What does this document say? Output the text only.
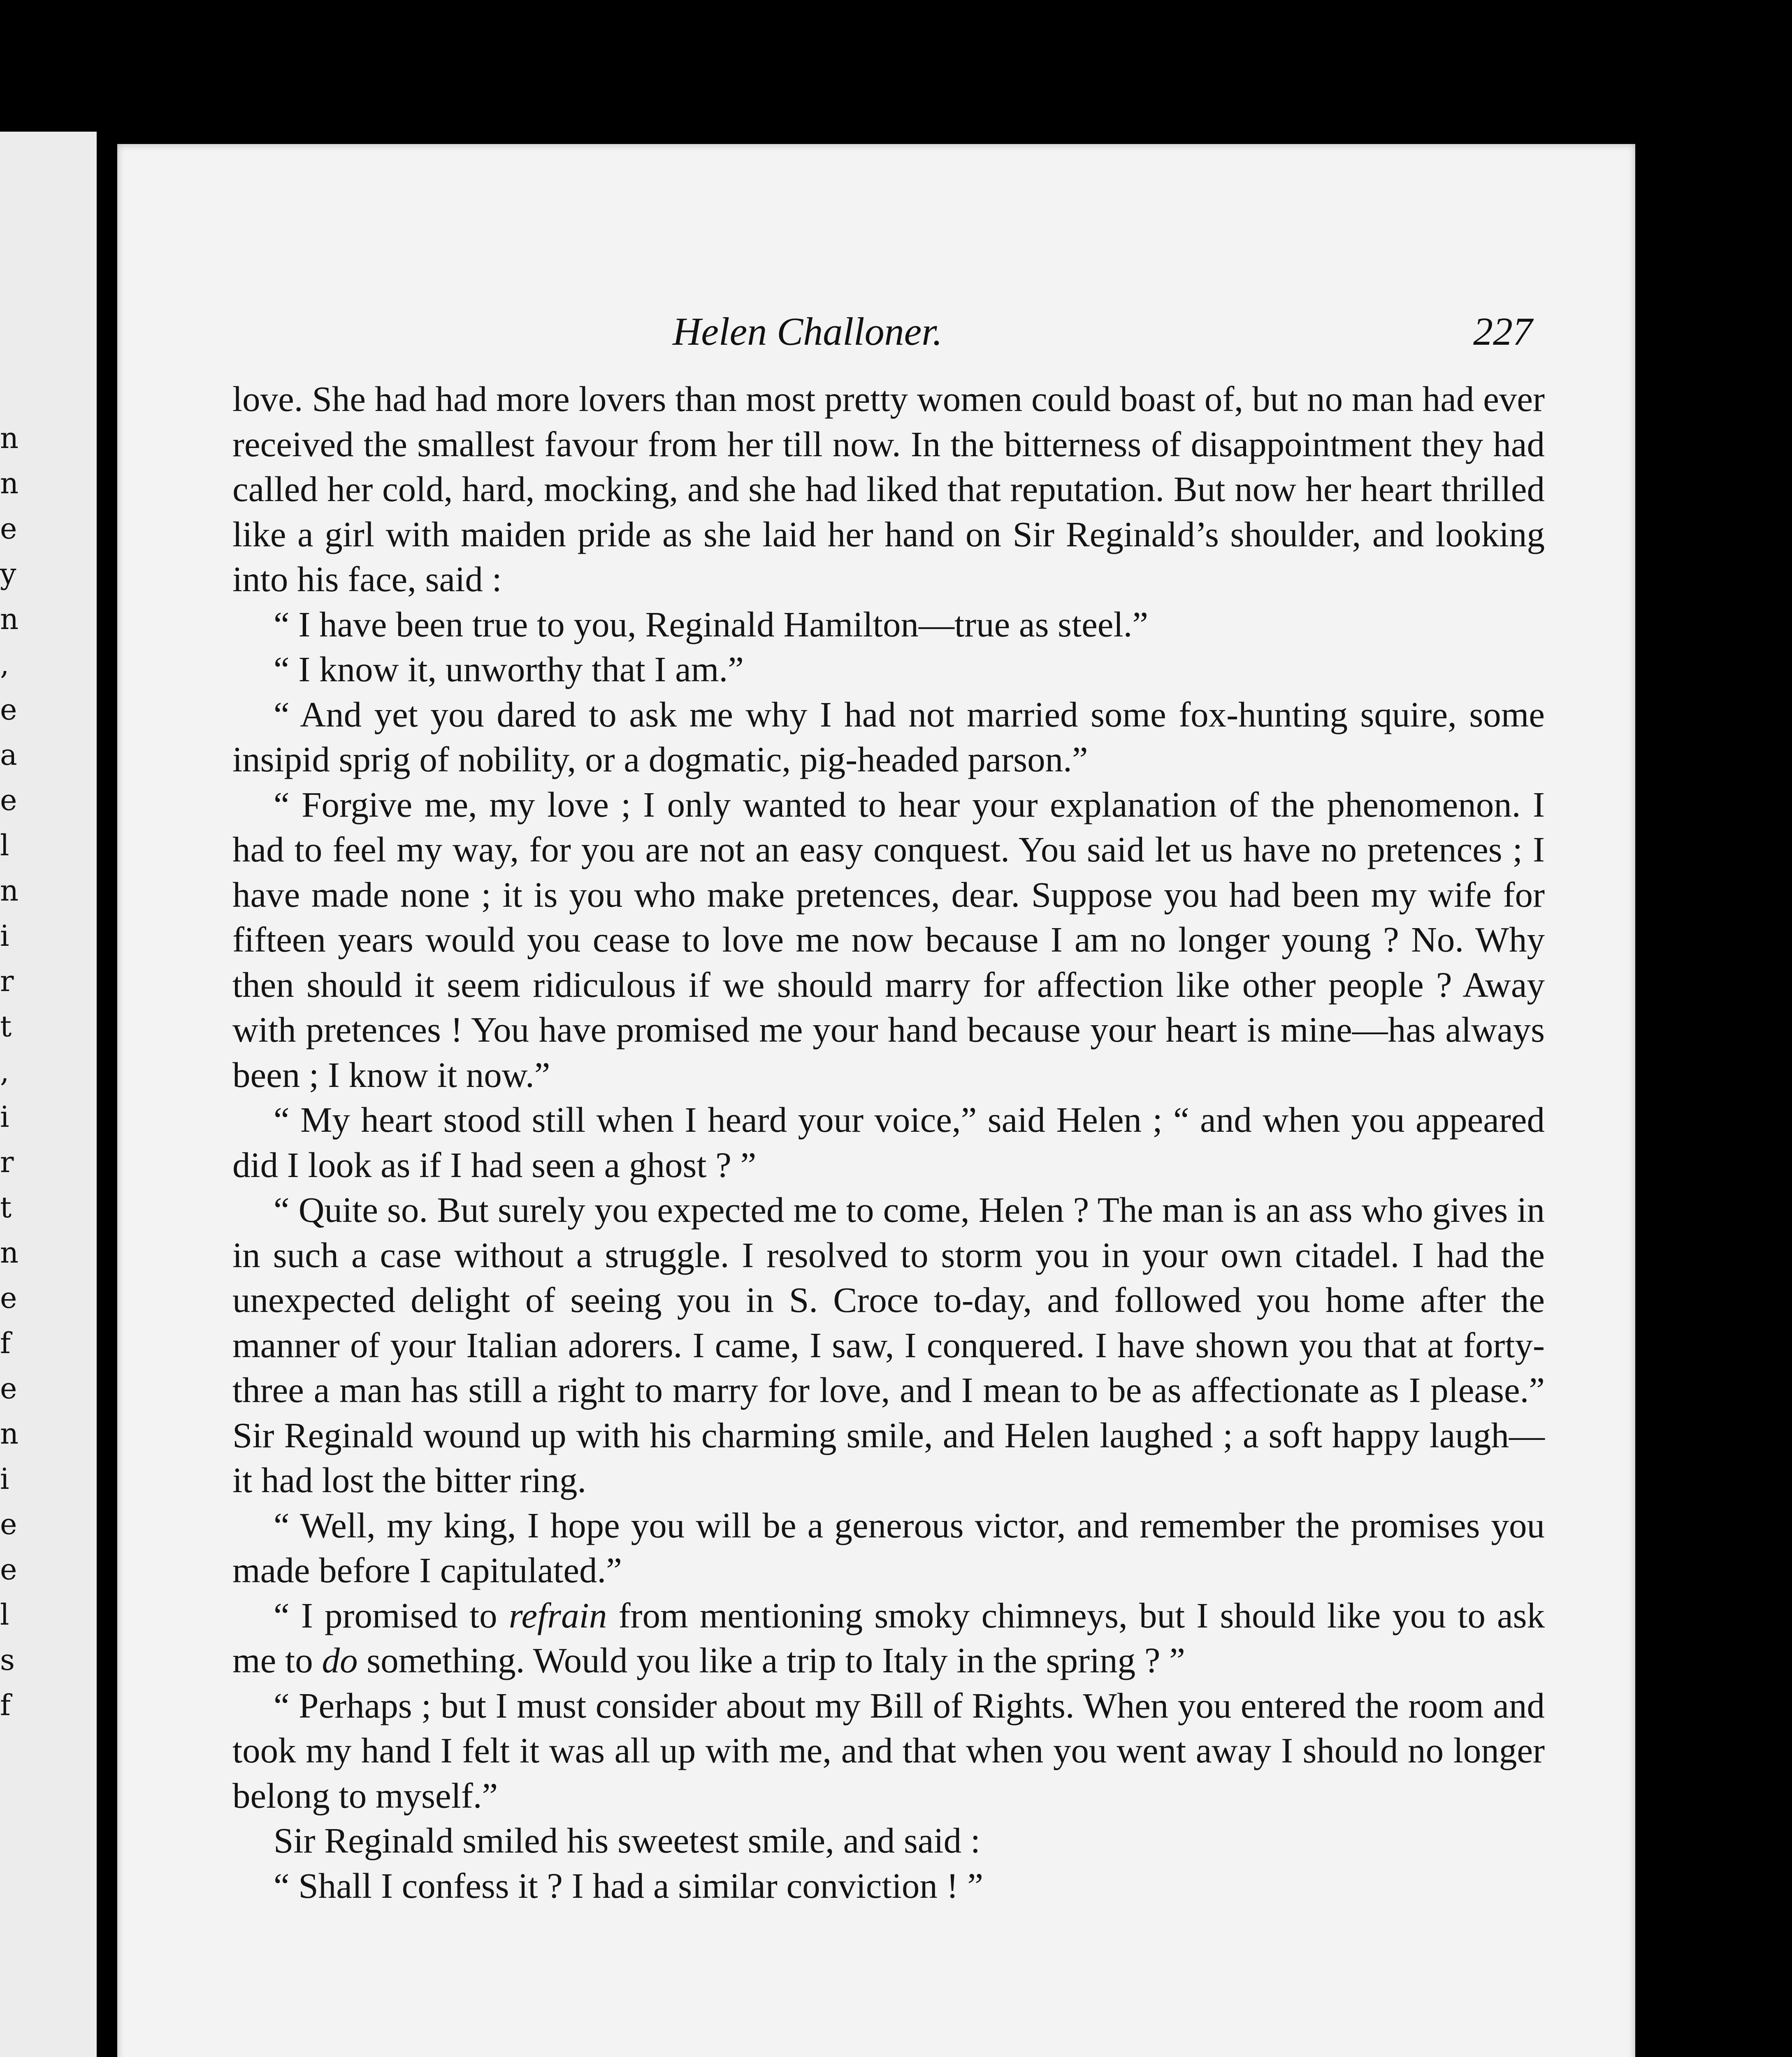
n
n
e
y
n
,
e
a
e
l
n
i
r
t
,
i
r
t
n
e
f
e
n
i
e
e
l
s
f
Helen Challoner.	227

love. She had had more lovers than most pretty women could boast of, but no man had ever received the smallest favour from her till now. In the bitterness of disappointment they had called her cold, hard, mocking, and she had liked that reputation. But now her heart thrilled like a girl with maiden pride as she laid her hand on Sir Reginald’s shoulder, and looking into his face, said :

“ I have been true to you, Reginald Hamilton—true as steel.”

“ I know it, unworthy that I am.”

“ And yet you dared to ask me why I had not married some fox-hunting squire, some insipid sprig of nobility, or a dogmatic, pig-headed parson.”

“ Forgive me, my love ; I only wanted to hear your explanation of the phenomenon. I had to feel my way, for you are not an easy conquest. You said let us have no pretences ; I have made none ; it is you who make pretences, dear. Suppose you had been my wife for fifteen years would you cease to love me now because I am no longer young ? No. Why then should it seem ridiculous if we should marry for affection like other people ? Away with pretences ! You have promised me your hand because your heart is mine—has always been ; I know it now.”

“ My heart stood still when I heard your voice,” said Helen ; “ and when you appeared did I look as if I had seen a ghost ? ”

“ Quite so. But surely you expected me to come, Helen ? The man is an ass who gives in in such a case without a struggle. I resolved to storm you in your own citadel. I had the unexpected delight of seeing you in S. Croce to-day, and followed you home after the manner of your Italian adorers. I came, I saw, I conquered. I have shown you that at forty-three a man has still a right to marry for love, and I mean to be as affectionate as I please.” Sir Reginald wound up with his charming smile, and Helen laughed ; a soft happy laugh—it had lost the bitter ring.

“ Well, my king, I hope you will be a generous victor, and remember the promises you made before I capitulated.”

“ I promised to refrain from mentioning smoky chimneys, but I should like you to ask me to do something. Would you like a trip to Italy in the spring ? ”

“ Perhaps ; but I must consider about my Bill of Rights. When you entered the room and took my hand I felt it was all up with me, and that when you went away I should no longer belong to myself.”

Sir Reginald smiled his sweetest smile, and said :

“ Shall I confess it ? I had a similar conviction ! ”
